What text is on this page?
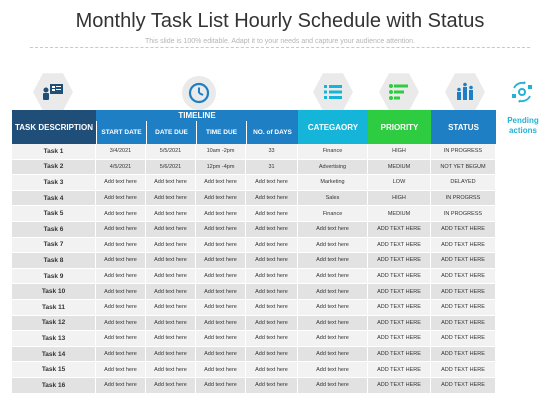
Monthly Task List Hourly Schedule with Status
This slide is 100% editable. Adapt it to your needs and capture your audience attention.
TASK DESCRIPTION
TIMELINE
START DATE	DATE DUE	TIME DUE	NO. of DAYS
CATEGAORY	PRIORITY	STATUS
Pending actions
Task 1	3/4/2021	5/5/2021	10am -2pm	33	Finance	HIGH	IN PROGRESS
Task 2	4/5/2021	5/6/2021	12pm -4pm	31	Advertising	MEDIUM	NOT YET BEGUM
Task 3	Add text here	Add text here	Add text here	Add text here	Marketing	LOW	DELAYED
Task 4	Add text here	Add text here	Add text here	Add text here	Sales	HIGH	IN PROGRSS
Task 5	Add text here	Add text here	Add text here	Add text here	Finance	MEDIUM	IN PROGRESS
Task 6	Add text here	Add text here	Add text here	Add text here	Add text here	ADD TEXT HERE	ADD TEXT HERE
Task 7	Add text here	Add text here	Add text here	Add text here	Add text here	ADD TEXT HERE	ADD TEXT HERE
Task 8	Add text here	Add text here	Add text here	Add text here	Add text here	ADD TEXT HERE	ADD TEXT HERE
Task 9	Add text here	Add text here	Add text here	Add text here	Add text here	ADD TEXT HERE	ADD TEXT HERE
Task 10	Add text here	Add text here	Add text here	Add text here	Add text here	ADD TEXT HERE	ADD TEXT HERE
Task 11	Add text here	Add text here	Add text here	Add text here	Add text here	ADD TEXT HERE	ADD TEXT HERE
Task 12	Add text here	Add text here	Add text here	Add text here	Add text here	ADD TEXT HERE	ADD TEXT HERE
Task 13	Add text here	Add text here	Add text here	Add text here	Add text here	ADD TEXT HERE	ADD TEXT HERE
Task 14	Add text here	Add text here	Add text here	Add text here	Add text here	ADD TEXT HERE	ADD TEXT HERE
Task 15	Add text here	Add text here	Add text here	Add text here	Add text here	ADD TEXT HERE	ADD TEXT HERE
Task 16	Add text here	Add text here	Add text here	Add text here	Add text here	ADD TEXT HERE	ADD TEXT HERE
